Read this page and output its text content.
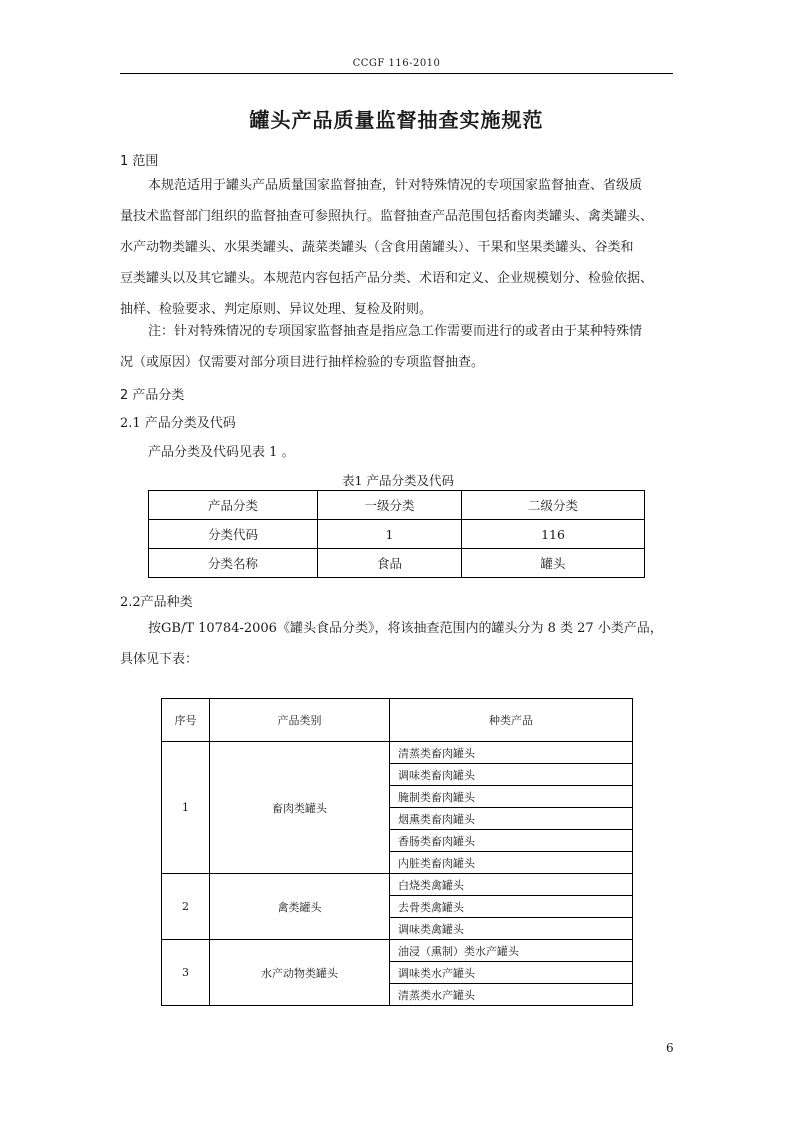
CCGF 116-2010
罐头产品质量监督抽查实施规范
1 范围
本规范适用于罐头产品质量国家监督抽查，针对特殊情况的专项国家监督抽查、省级质
量技术监督部门组织的监督抽查可参照执行。监督抽查产品范围包括畜肉类罐头、禽类罐头、
水产动物类罐头、水果类罐头、蔬菜类罐头（含食用菌罐头）、干果和坚果类罐头、谷类和
豆类罐头以及其它罐头。本规范内容包括产品分类、术语和定义、企业规模划分、检验依据、
抽样、检验要求、判定原则、异议处理、复检及附则。
注：针对特殊情况的专项国家监督抽查是指应急工作需要而进行的或者由于某种特殊情
况（或原因）仅需要对部分项目进行抽样检验的专项监督抽查。
2 产品分类
2.1 产品分类及代码
产品分类及代码见表 1 。
表1 产品分类及代码
产品分类	一级分类	二级分类
分类代码	1	116
分类名称	食品	罐头
2.2产品种类
按GB/T 10784-2006《罐头食品分类》，将该抽查范围内的罐头分为 8 类 27 小类产品，
具体见下表：
序号	产品类别	种类产品
1	畜肉类罐头	清蒸类畜肉罐头
		调味类畜肉罐头
		腌制类畜肉罐头
		烟熏类畜肉罐头
		香肠类畜肉罐头
		内脏类畜肉罐头
2	禽类罐头	白烧类禽罐头
		去骨类禽罐头
		调味类禽罐头
3	水产动物类罐头	油浸（熏制）类水产罐头
		调味类水产罐头
		清蒸类水产罐头
6
